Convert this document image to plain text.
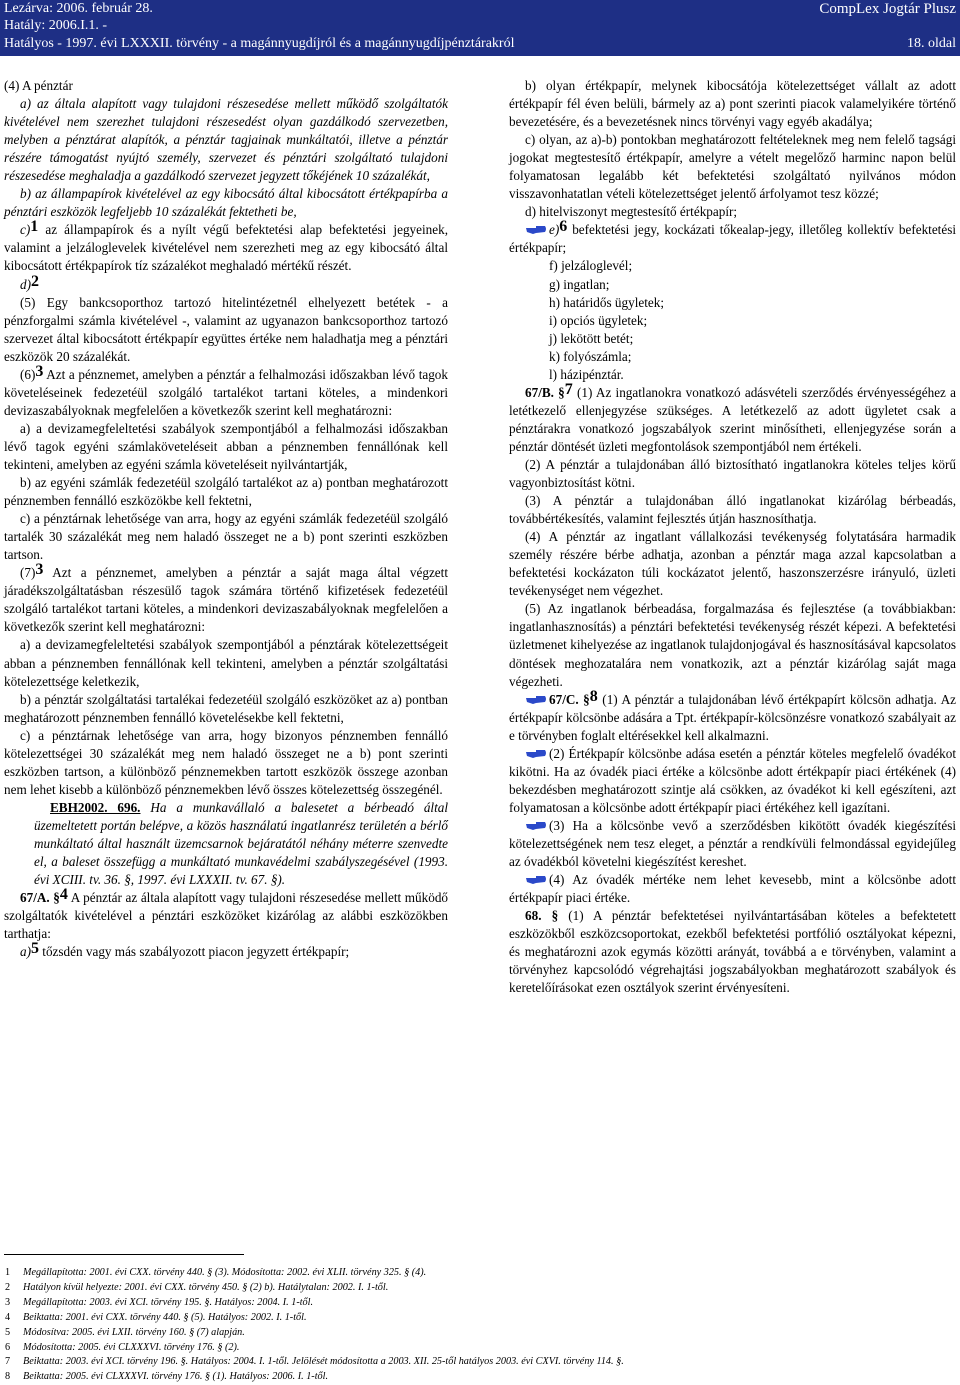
Lezárva: 2006. február 28.
Hatály: 2006.I.1. -
Hatályos - 1997. évi LXXXII. törvény - a magánnyugdíjról és a magánnyugdíjpénztárakról
CompLex Jogtár Plusz
18. oldal

(4) A pénztár

a) az általa alapított vagy tulajdoni részesedése mellett működő szolgáltatók kivételével nem szerezhet tulajdoni részesedést olyan gazdálkodó szervezetben, melyben a pénztárat alapítók, a pénztár tagjainak munkáltatói, illetve a pénztár részére támogatást nyújtó személy, szervezet és pénztári szolgáltató tulajdoni részesedése meghaladja a gazdálkodó szervezet jegyzett tőkéjének 10 százalékát,

b) az állampapírok kivételével az egy kibocsátó által kibocsátott értékpapírba a pénztári eszközök legfeljebb 10 százalékát fektetheti be,

c)$^1$ az állampapírok és a nyílt végű befektetési alap befektetési jegyeinek, valamint a jelzáloglevelek kivételével nem szerezheti meg az egy kibocsátó által kibocsátott értékpapírok tíz százalékot meghaladó mértékű részét.

d)$^2$

(5) Egy bankcsoporthoz tartozó hitelintézetnél elhelyezett betétek - a pénzforgalmi számla kivételével -, valamint az ugyanazon bankcsoporthoz tartozó szervezet által kibocsátott értékpapír együttes értéke nem haladhatja meg a pénztári eszközök 20 százalékát.

$(6)^3$ Azt a pénznemet, amelyben a pénztár a felhalmozási időszakban lévő tagok követeléseinek fedezetéül szolgáló tartalékot tartani köteles, a mindenkori devizaszabályoknak megfelelően a következők szerint kell meghatározni:

a) a devizamegfeleltetési szabályok szempontjából a felhalmozási időszakban lévő tagok egyéni számlaköveteléseit abban a pénznemben fennállónak kell tekinteni, amelyben az egyéni számla követeléseit nyilvántartják,

b) az egyéni számlák fedezetéül szolgáló tartalékot az a) pontban meghatározott pénznemben fennálló eszközökbe kell fektetni,

c) a pénztárnak lehetősége van arra, hogy az egyéni számlák fedezetéül szolgáló tartalék 30 százalékát meg nem haladó összeget ne a b) pont szerinti eszközben tartson.

$(7)^3$ Azt a pénznemet, amelyben a pénztár a saját maga által végzett járadékszolgáltatásban részesülő tagok számára történő kifizetések fedezetéül szolgáló tartalékot tartani köteles, a mindenkori devizaszabályoknak megfelelően a következők szerint kell meghatározni:

a) a devizamegfeleltetési szabályok szempontjából a pénztárak kötelezettségeit abban a pénznemben fennállónak kell tekinteni, amelyben a pénztár szolgáltatási kötelezettsége keletkezik,

b) a pénztár szolgáltatási tartalékai fedezetéül szolgáló eszközöket az a) pontban meghatározott pénznemben fennálló követelésekbe kell fektetni,

c) a pénztárnak lehetősége van arra, hogy bizonyos pénznemben fennálló kötelezettségei 30 százalékát meg nem haladó összeget ne a b) pont szerinti eszközben tartson, a különböző pénznemekben tartott eszközök összege azonban nem lehet kisebb a különböző pénznemekben lévő összes kötelezettség összegénél.

EBH2002. 696. Ha a munkavállaló a balesetet a bérbeadó által üzemeltetett portán belépve, a közös használatú ingatlanrész területén a bérlő munkáltató által használt üzemcsarnok bejáratától néhány méterre szenvedte el, a baleset összefügg a munkáltató munkavédelmi szabályszegésével (1993. évi XCIII. tv. 36. §, 1997. évi LXXXII. tv. 67. §).

67/A. §$^4$ A pénztár az általa alapított vagy tulajdoni részesedése mellett működő szolgáltatók kivételével a pénztári eszközöket kizárólag az alábbi eszközökben tarthatja:

a)$^5$ tőzsdén vagy más szabályozott piacon jegyzett értékpapír;

b) olyan értékpapír, melynek kibocsátója kötelezettséget vállalt az adott értékpapír fél éven belüli, bármely az a) pont szerinti piacok valamelyikére történő bevezetésére, és a bevezetésnek nincs törvényi vagy egyéb akadálya;

c) olyan, az a)-b) pontokban meghatározott feltételeknek meg nem felelő tagsági jogokat megtestesítő értékpapír, amelyre a vételt megelőző harminc napon belül folyamatosan legalább két befektetési szolgáltató nyilvános módon visszavonhatatlan vételi kötelezettséget jelentő árfolyamot tesz közzé;

d) hitelviszonyt megtestesítő értékpapír;

e)$^6$ befektetési jegy, kockázati tőkealap-jegy, illetőleg kollektív befektetési értékpapír;

f) jelzáloglevél;

g) ingatlan;

h) határidős ügyletek;

i) opciós ügyletek;

j) lekötött betét;

k) folyószámla;

l) házipénztár.

67/B. §$^7$ (1) Az ingatlanokra vonatkozó adásvételi szerződés érvényességéhez a letétkezelő ellenjegyzése szükséges. A letétkezelő az adott ügyletet csak a pénztárakra vonatkozó jogszabályok szerint minősítheti, ellenjegyzése során a pénztár döntését üzleti megfontolások szempontjából nem értékeli.

(2) A pénztár a tulajdonában álló biztosítható ingatlanokra köteles teljes körű vagyonbiztosítást kötni.

(3) A pénztár a tulajdonában álló ingatlanokat kizárólag bérbeadás, továbbértékesítés, valamint fejlesztés útján hasznosíthatja.

(4) A pénztár az ingatlant vállalkozási tevékenység folytatására harmadik személy részére bérbe adhatja, azonban a pénztár maga azzal kapcsolatban a befektetési kockázaton túli kockázatot jelentő, haszonszerzésre irányuló, üzleti tevékenységet nem végezhet.

(5) Az ingatlanok bérbeadása, forgalmazása és fejlesztése (a továbbiakban: ingatlanhasznosítás) a pénztári befektetési tevékenység részét képezi. A befektetési üzletmenet kihelyezése az ingatlanok tulajdonjogával és hasznosításával kapcsolatos döntések meghozatalára nem vonatkozik, azt a pénztár kizárólag saját maga végezheti.

67/C. §$^8$ (1) A pénztár a tulajdonában lévő értékpapírt kölcsön adhatja. Az értékpapír kölcsönbe adására a Tpt. értékpapír-kölcsönzésre vonatkozó szabályait az e törvényben foglalt eltérésekkel kell alkalmazni.

(2) Értékpapír kölcsönbe adása esetén a pénztár köteles megfelelő óvadékot kikötni. Ha az óvadék piaci értéke a kölcsönbe adott értékpapír piaci értékének (4) bekezdésben meghatározott szintje alá csökken, az óvadékot ki kell egészíteni, azt folyamatosan a kölcsönbe adott értékpapír piaci értékéhez kell igazítani.

(3) Ha a kölcsönbe vevő a szerződésben kikötött óvadék kiegészítési kötelezettségének nem tesz eleget, a pénztár a rendkívüli felmondással egyidejűleg az óvadékból követelni kiegészítést kereshet.

(4) Az óvadék mértéke nem lehet kevesebb, mint a kölcsönbe adott értékpapír piaci értéke.

68. § (1) A pénztár befektetései nyilvántartásában köteles a befektetett eszközökből eszközcsoportokat, ezekből befektetési portfólió osztályokat képezni, és meghatározni azok egymás közötti arányát, továbbá a e törvényben, valamint a törvényhez kapcsolódó végrehajtási jogszabályokban meghatározott szabályok és keretelőírásokat ezen osztályok szerint érvényesíteni.

1 Megállapította: 2001. évi CXX. törvény 440. § (3). Módosította: 2002. évi XLII. törvény 325. § (4).
2 Hatályon kívül helyezte: 2001. évi CXX. törvény 450. § (2) b). Hatálytalan: 2002. I. 1-től.
3 Megállapította: 2003. évi XCI. törvény 195. §. Hatályos: 2004. I. 1-től.
4 Beiktatta: 2001. évi CXX. törvény 440. § (5). Hatályos: 2002. I. 1-től.
5 Módosítva: 2005. évi LXII. törvény 160. § (7) alapján.
6 Módosította: 2005. évi CLXXXVI. törvény 176. § (2).
7 Beiktatta: 2003. évi XCI. törvény 196. §. Hatályos: 2004. I. 1-től. Jelölését módosította a 2003. XII. 25-től hatályos 2003. évi CXVI. törvény 114. §.
8 Beiktatta: 2005. évi CLXXXVI. törvény 176. § (1). Hatályos: 2006. I. 1-től.
